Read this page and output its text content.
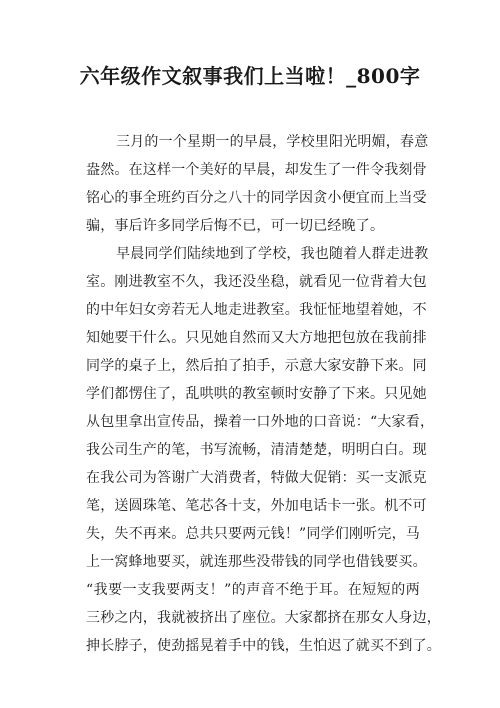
六年级作文叙事我们上当啦！_800字
三月的一个星期一的早晨，学校里阳光明媚，春意
盎然。在这样一个美好的早晨，却发生了一件令我刻骨
铭心的事全班约百分之八十的同学因贪小便宜而上当受
骗，事后许多同学后悔不已，可一切已经晚了。
早晨同学们陆续地到了学校，我也随着人群走进教
室。刚进教室不久，我还没坐稳，就看见一位背着大包
的中年妇女旁若无人地走进教室。我怔怔地望着她，不
知她要干什么。只见她自然而又大方地把包放在我前排
同学的桌子上，然后拍了拍手，示意大家安静下来。同
学们都愣住了，乱哄哄的教室顿时安静了下来。只见她
从包里拿出宣传品，操着一口外地的口音说：“大家看，
我公司生产的笔，书写流畅，清清楚楚，明明白白。现
在我公司为答谢广大消费者，特做大促销：买一支派克
笔，送圆珠笔、笔芯各十支，外加电话卡一张。机不可
失，失不再来。总共只要两元钱！”同学们刚听完，马
上一窝蜂地要买，就连那些没带钱的同学也借钱要买。
“我要一支我要两支！”的声音不绝于耳。在短短的两
三秒之内，我就被挤出了座位。大家都挤在那女人身边，
抻长脖子，使劲摇晃着手中的钱，生怕迟了就买不到了。
